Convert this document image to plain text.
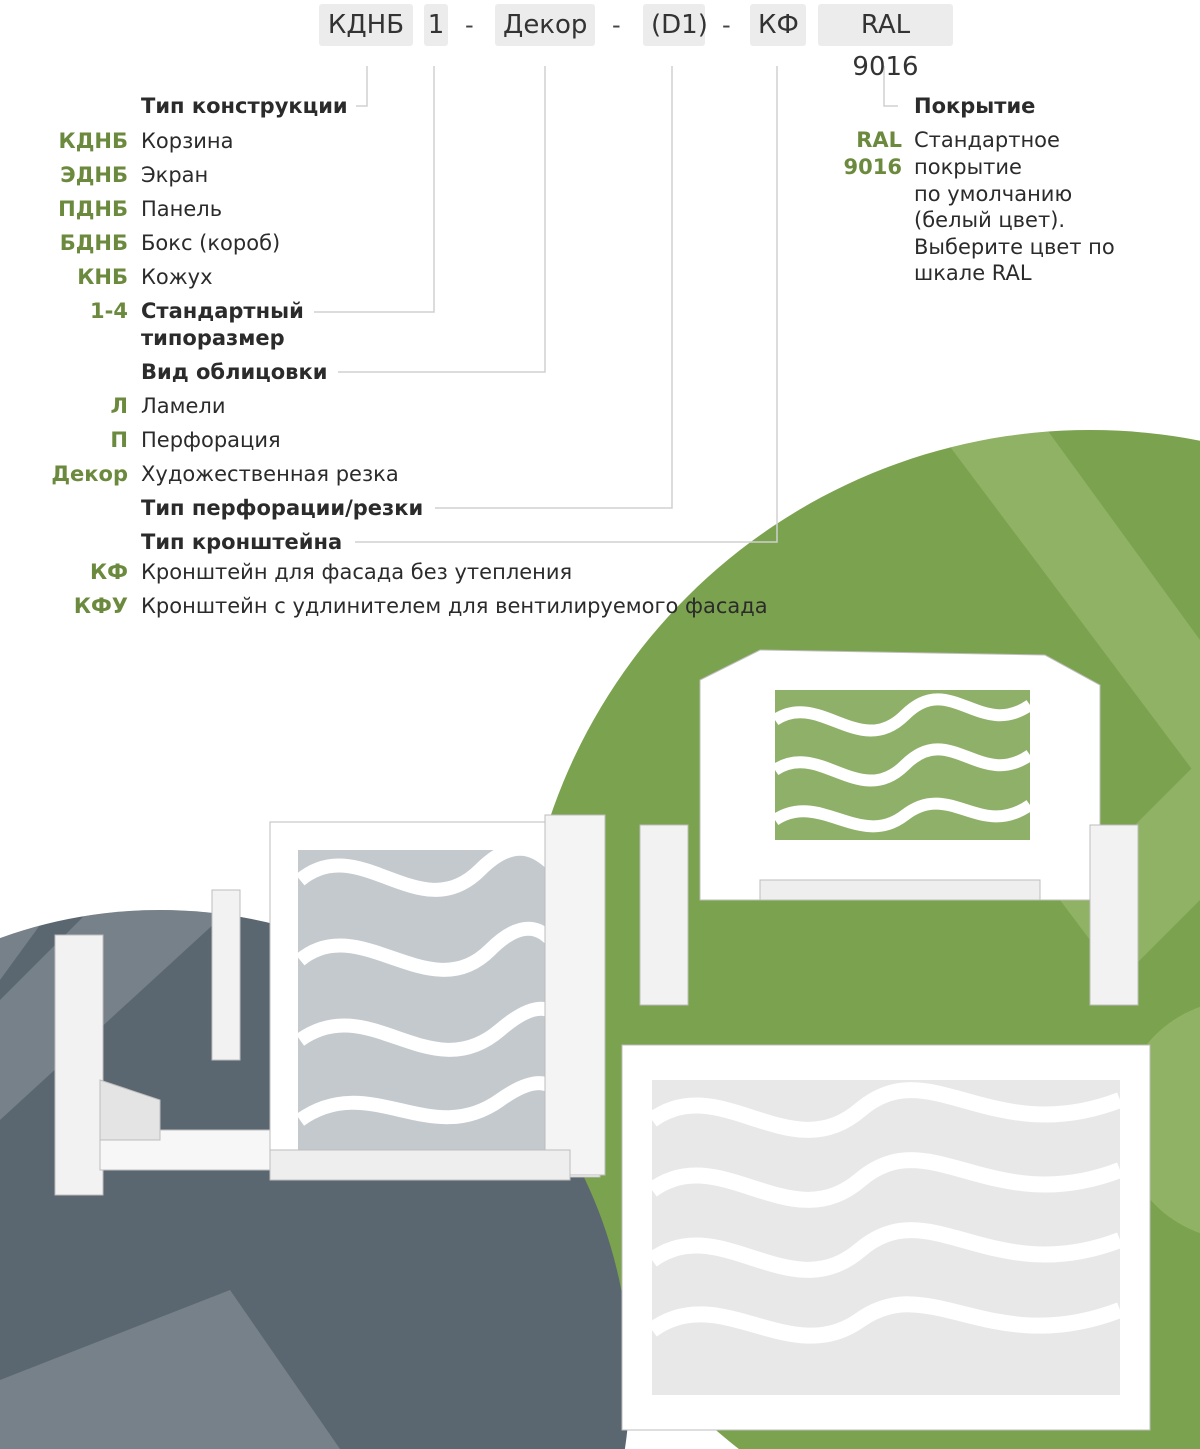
КДНБ 1 -	Декор	-	(D1) -	КФ	RAL 9016
Тип конструкции
КДНБ Корзина
ЭДНБ Экран
ПДНБ Панель
БДНБ Бокс (короб)
КНБ Кожух
1-4 Стандартный
типоразмер
Вид облицовки
Л Ламели
П Перфорация
Декор Художественная резка
Тип перфорации/резки
Тип кронштейна
КФ Кронштейн для фасада без утепления
КФУ Кронштейн с удлинителем для вентилируемого фасада
Покрытие
RAL
9016
Стандартное
покрытие
по умолчанию
(белый цвет).
Выберите цвет по
шкале RAL
